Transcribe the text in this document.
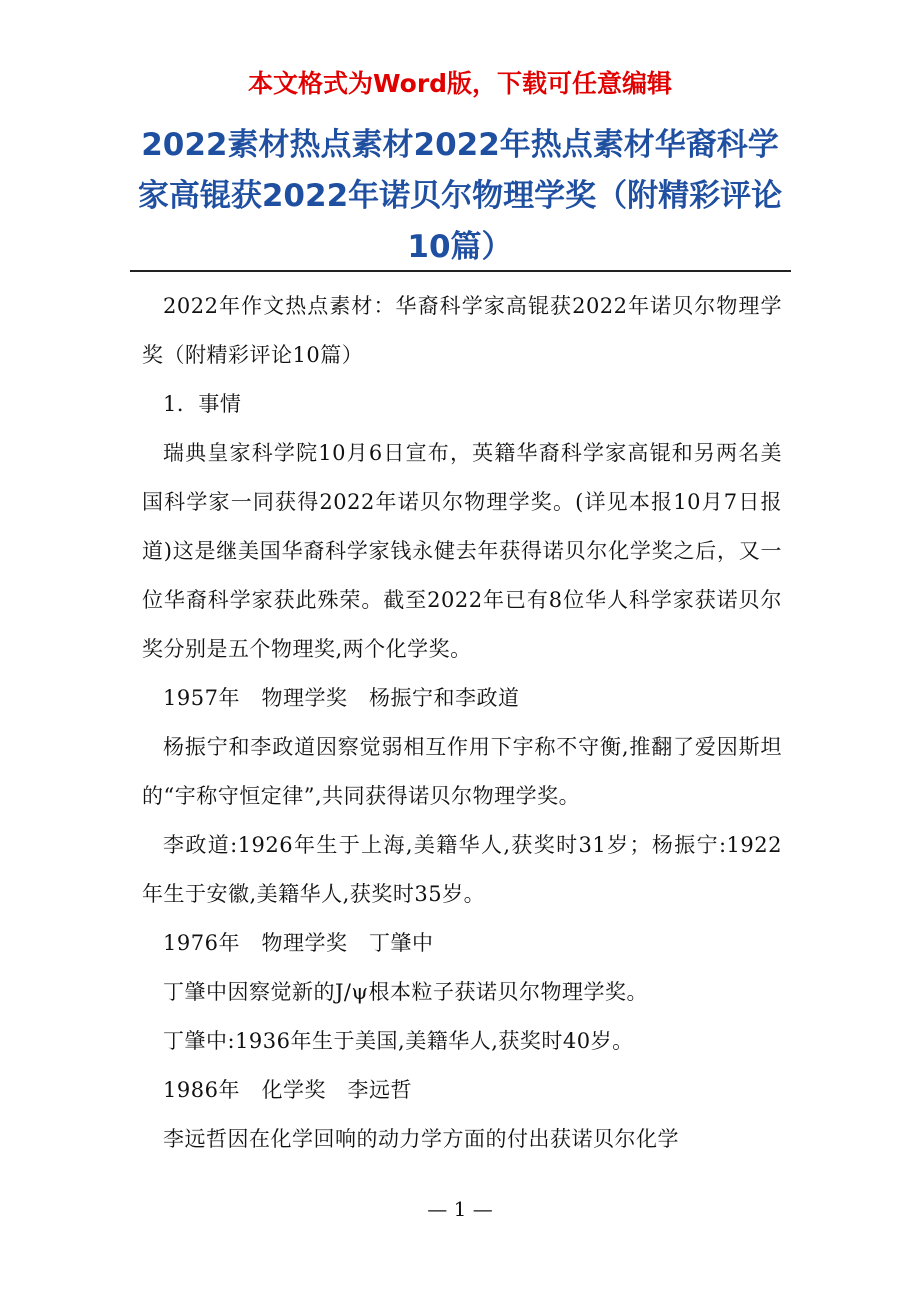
本文格式为Word版，下载可任意编辑

2022素材热点素材2022年热点素材华裔科学家高锟获2022年诺贝尔物理学奖（附精彩评论10篇）

2022年作文热点素材：华裔科学家高锟获2022年诺贝尔物理学奖（附精彩评论10篇）

1．事情

瑞典皇家科学院10月6日宣布，英籍华裔科学家高锟和另两名美国科学家一同获得2022年诺贝尔物理学奖。(详见本报10月7日报道)这是继美国华裔科学家钱永健去年获得诺贝尔化学奖之后，又一位华裔科学家获此殊荣。截至2022年已有8位华人科学家获诺贝尔奖分别是五个物理奖,两个化学奖。

1957年　物理学奖　杨振宁和李政道

杨振宁和李政道因察觉弱相互作用下宇称不守衡,推翻了爱因斯坦的“宇称守恒定律”,共同获得诺贝尔物理学奖。

李政道:1926年生于上海,美籍华人,获奖时31岁；杨振宁:1922年生于安徽,美籍华人,获奖时35岁。

1976年　物理学奖　丁肇中

丁肇中因察觉新的J/ψ根本粒子获诺贝尔物理学奖。

丁肇中:1936年生于美国,美籍华人,获奖时40岁。

1986年　化学奖　李远哲

李远哲因在化学回响的动力学方面的付出获诺贝尔化学

— 1 —
